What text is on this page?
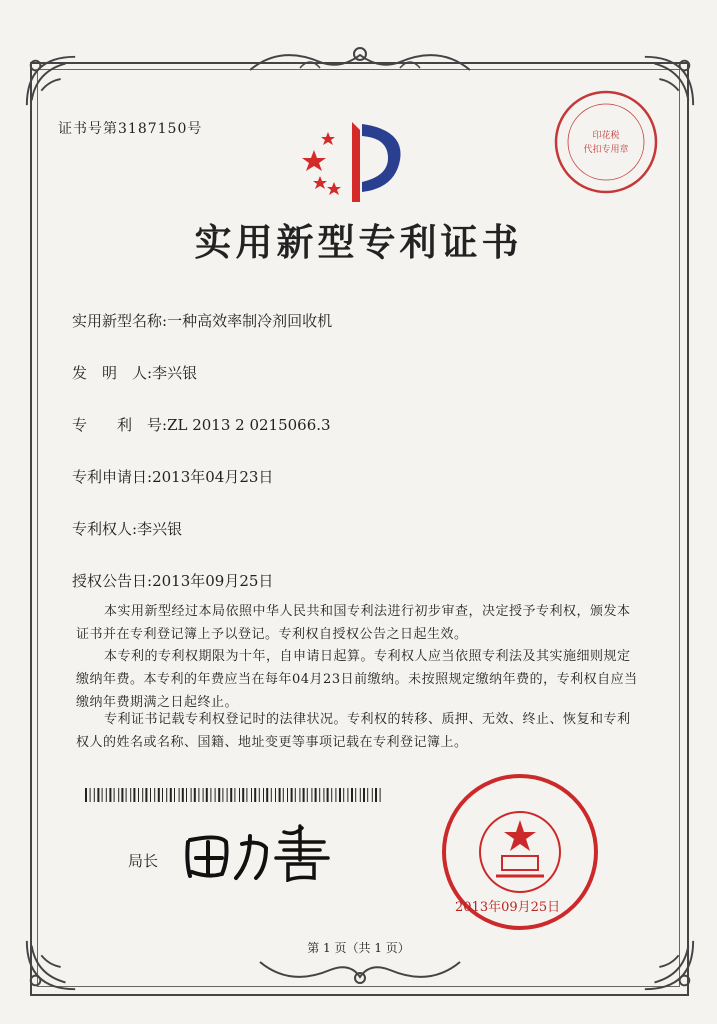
证书号第3187150号	印花税
代扣专用章
实用新型专利证书
实用新型名称:一种高效率制冷剂回收机
发　明　人:李兴银
专　　利　号:ZL 2013 2 0215066.3
专利申请日:2013年04月23日
专利权人:李兴银
授权公告日:2013年09月25日
本实用新型经过本局依照中华人民共和国专利法进行初步审查，决定授予专利权，颁发本证书并在专利登记簿上予以登记。专利权自授权公告之日起生效。
本专利的专利权期限为十年，自申请日起算。专利权人应当依照专利法及其实施细则规定缴纳年费。本专利的年费应当在每年04月23日前缴纳。未按照规定缴纳年费的，专利权自应当缴纳年费期满之日起终止。
专利证书记载专利权登记时的法律状况。专利权的转移、质押、无效、终止、恢复和专利权人的姓名或名称、国籍、地址变更等事项记载在专利登记簿上。
局长
2013年09月25日
第 1 页（共 1 页）
